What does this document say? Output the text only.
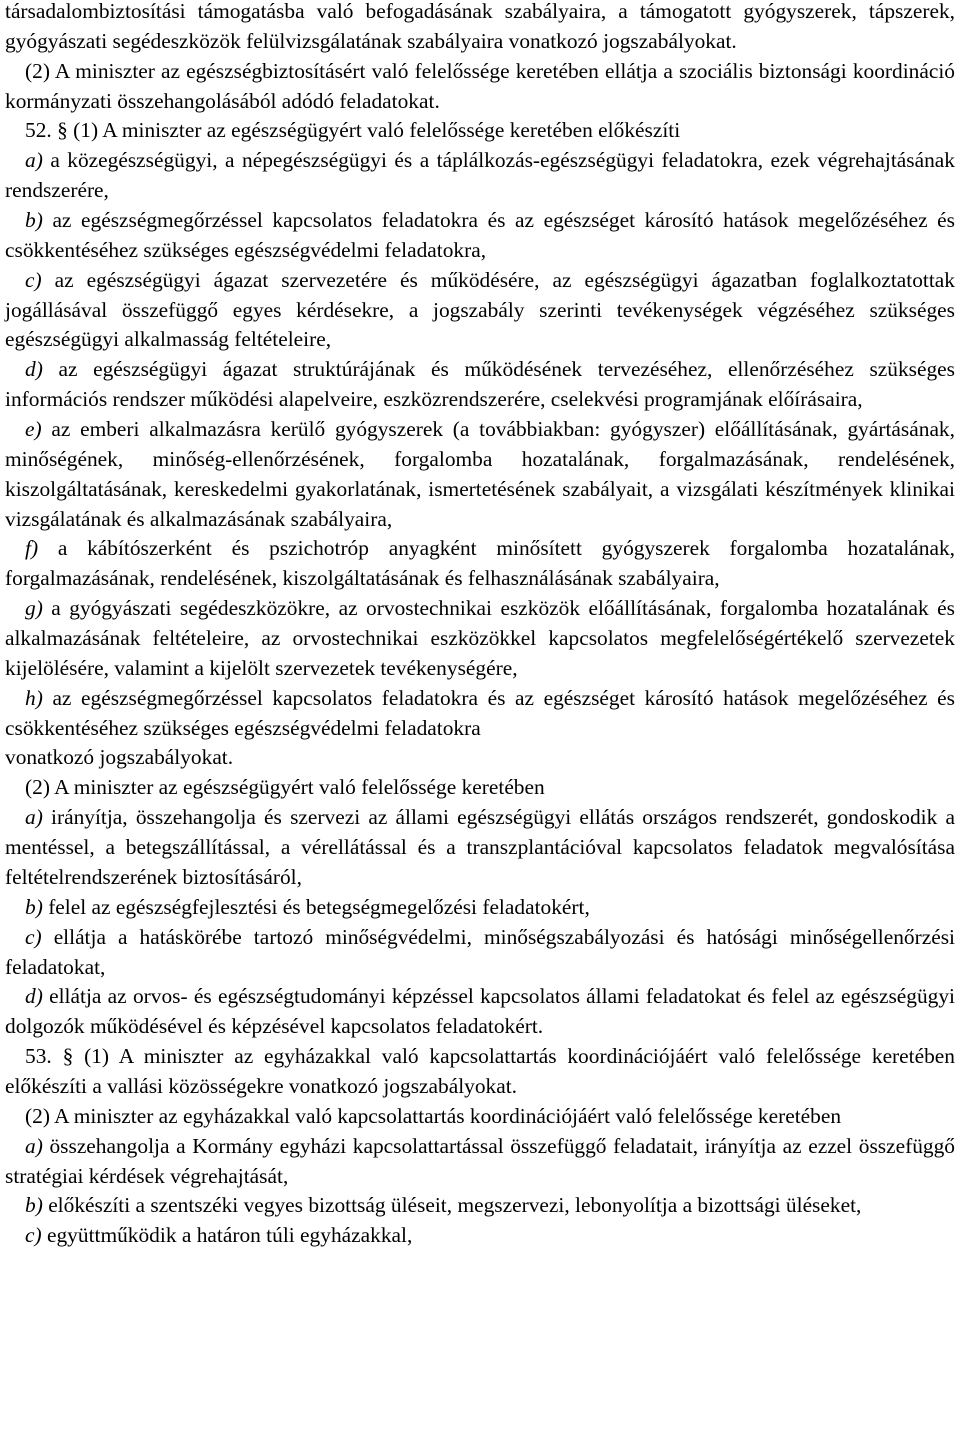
társadalombiztosítási támogatásba való befogadásának szabályaira, a támogatott gyógyszerek, tápszerek, gyógyászati segédeszközök felülvizsgálatának szabályaira vonatkozó jogszabályokat.

(2) A miniszter az egészségbiztosításért való felelőssége keretében ellátja a szociális biztonsági koordináció kormányzati összehangolásából adódó feladatokat.

52. § (1) A miniszter az egészségügyért való felelőssége keretében előkészíti

a) a közegészségügyi, a népegészségügyi és a táplálkozás-egészségügyi feladatokra, ezek végrehajtásának rendszerére,

b) az egészségmegőrzéssel kapcsolatos feladatokra és az egészséget károsító hatások megelőzéséhez és csökkentéséhez szükséges egészségvédelmi feladatokra,

c) az egészségügyi ágazat szervezetére és működésére, az egészségügyi ágazatban foglalkoztatottak jogállásával összefüggő egyes kérdésekre, a jogszabály szerinti tevékenységek végzéséhez szükséges egészségügyi alkalmasság feltételeire,

d) az egészségügyi ágazat struktúrájának és működésének tervezéséhez, ellenőrzéséhez szükséges információs rendszer működési alapelveire, eszközrendszerére, cselekvési programjának előírásaira,

e) az emberi alkalmazásra kerülő gyógyszerek (a továbbiakban: gyógyszer) előállításának, gyártásának, minőségének, minőség-ellenőrzésének, forgalomba hozatalának, forgalmazásának, rendelésének, kiszolgáltatásának, kereskedelmi gyakorlatának, ismertetésének szabályait, a vizsgálati készítmények klinikai vizsgálatának és alkalmazásának szabályaira,

f) a kábítószerként és pszichotróp anyagként minősített gyógyszerek forgalomba hozatalának, forgalmazásának, rendelésének, kiszolgáltatásának és felhasználásának szabályaira,

g) a gyógyászati segédeszközökre, az orvostechnikai eszközök előállításának, forgalomba hozatalának és alkalmazásának feltételeire, az orvostechnikai eszközökkel kapcsolatos megfelelőségértékelő szervezetek kijelölésére, valamint a kijelölt szervezetek tevékenységére,

h) az egészségmegőrzéssel kapcsolatos feladatokra és az egészséget károsító hatások megelőzéséhez és csökkentéséhez szükséges egészségvédelmi feladatokra

vonatkozó jogszabályokat.

(2) A miniszter az egészségügyért való felelőssége keretében

a) irányítja, összehangolja és szervezi az állami egészségügyi ellátás országos rendszerét, gondoskodik a mentéssel, a betegszállítással, a vérellátással és a transzplantációval kapcsolatos feladatok megvalósítása feltételrendszerének biztosításáról,

b) felel az egészségfejlesztési és betegségmegelőzési feladatokért,

c) ellátja a hatáskörébe tartozó minőségvédelmi, minőségszabályozási és hatósági minőségellenőrzési feladatokat,

d) ellátja az orvos- és egészségtudományi képzéssel kapcsolatos állami feladatokat és felel az egészségügyi dolgozók működésével és képzésével kapcsolatos feladatokért.

53. § (1) A miniszter az egyházakkal való kapcsolattartás koordinációjáért való felelőssége keretében előkészíti a vallási közösségekre vonatkozó jogszabályokat.

(2) A miniszter az egyházakkal való kapcsolattartás koordinációjáért való felelőssége keretében

a) összehangolja a Kormány egyházi kapcsolattartással összefüggő feladatait, irányítja az ezzel összefüggő stratégiai kérdések végrehajtását,

b) előkészíti a szentszéki vegyes bizottság üléseit, megszervezi, lebonyolítja a bizottsági üléseket,

c) együttműködik a határon túli egyházakkal,
